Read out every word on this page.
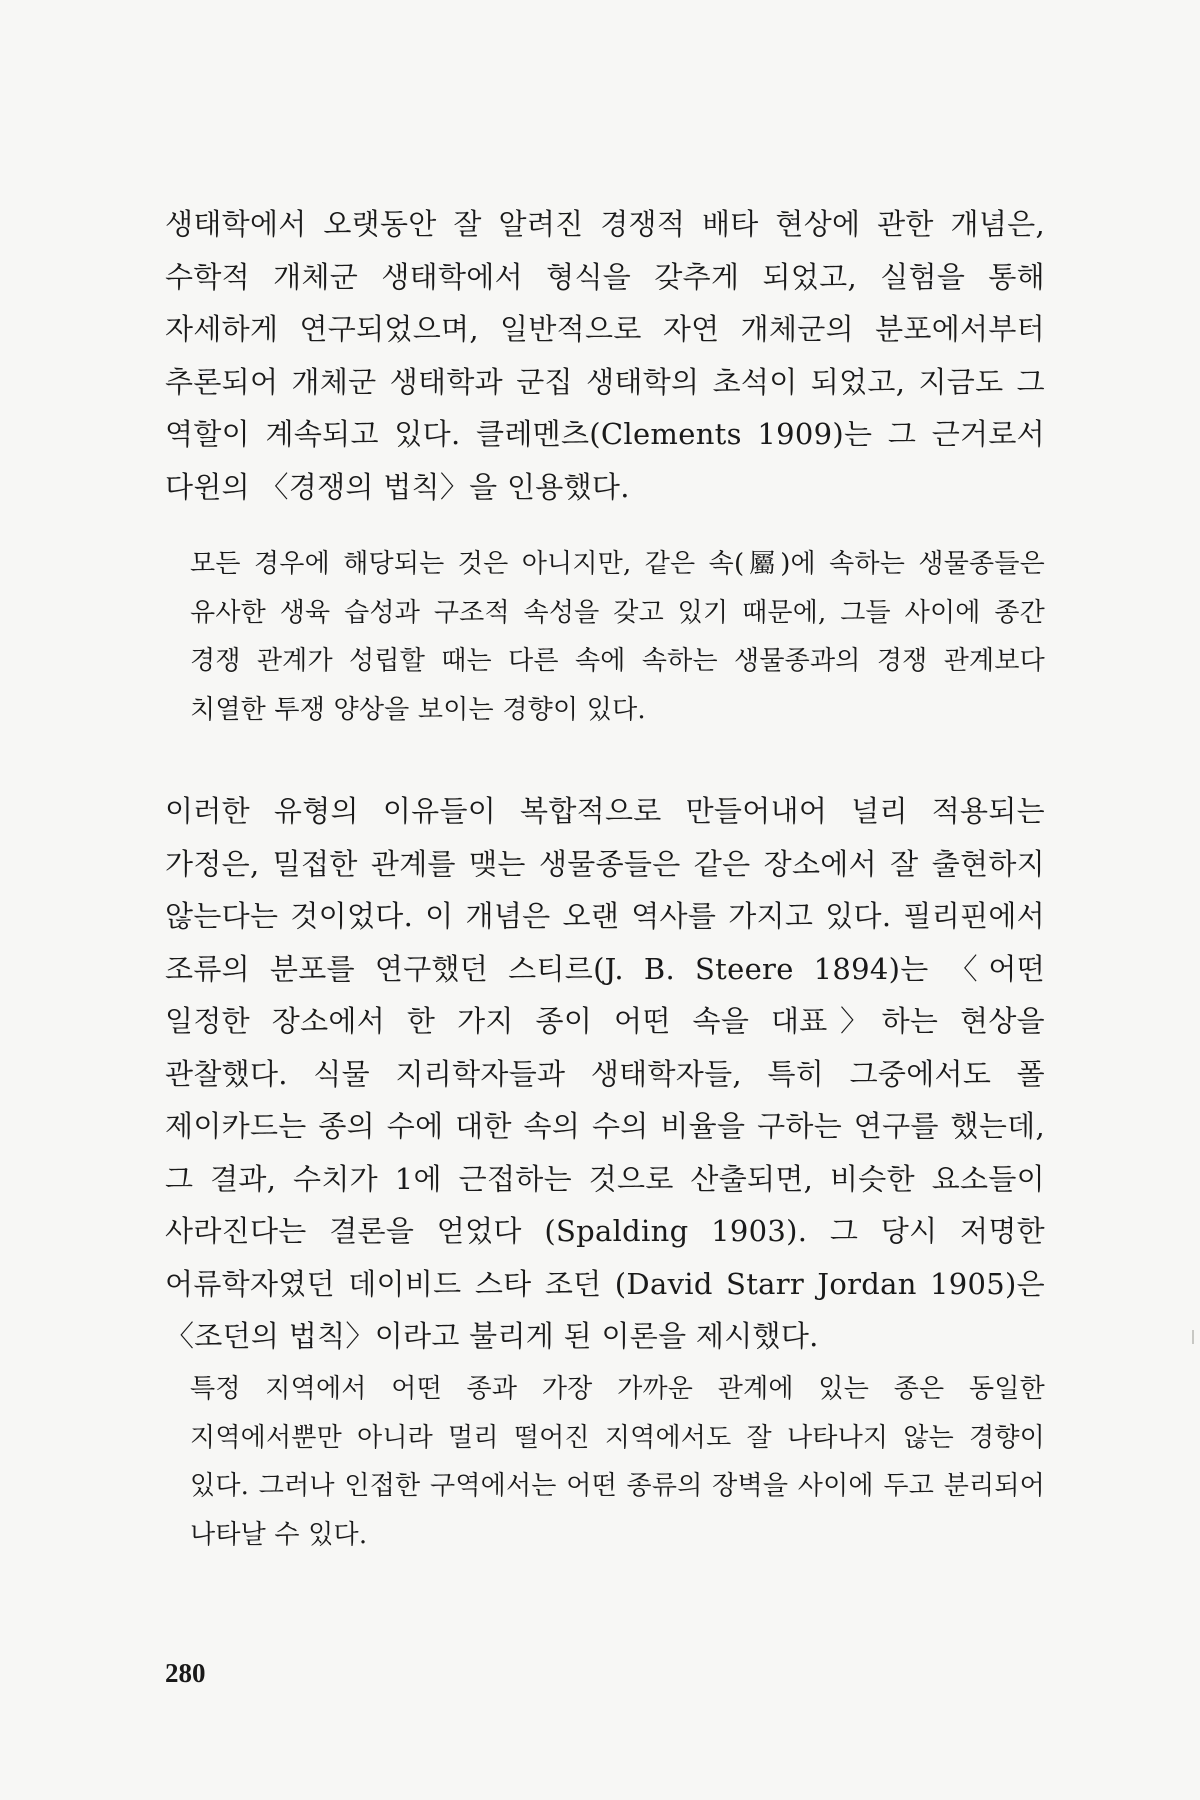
생태학에서 오랫동안 잘 알려진 경쟁적 배타 현상에 관한 개념은, 수학적 개체군 생태학에서 형식을 갖추게 되었고, 실험을 통해 자세하게 연구되었으며, 일반적으로 자연 개체군의 분포에서부터 추론되어 개체군 생태학과 군집 생태학의 초석이 되었고, 지금도 그 역할이 계속되고 있다. 클레멘츠(Clements 1909)는 그 근거로서 다윈의 〈경쟁의 법칙〉을 인용했다.

모든 경우에 해당되는 것은 아니지만, 같은 속(屬)에 속하는 생물종들은 유사한 생육 습성과 구조적 속성을 갖고 있기 때문에, 그들 사이에 종간 경쟁 관계가 성립할 때는 다른 속에 속하는 생물종과의 경쟁 관계보다 치열한 투쟁 양상을 보이는 경향이 있다.

이러한 유형의 이유들이 복합적으로 만들어내어 널리 적용되는 가정은, 밀접한 관계를 맺는 생물종들은 같은 장소에서 잘 출현하지 않는다는 것이었다. 이 개념은 오랜 역사를 가지고 있다. 필리핀에서 조류의 분포를 연구했던 스티르(J. B. Steere 1894)는 〈어떤 일정한 장소에서 한 가지 종이 어떤 속을 대표〉하는 현상을 관찰했다. 식물 지리학자들과 생태학자들, 특히 그중에서도 폴 제이카드는 종의 수에 대한 속의 수의 비율을 구하는 연구를 했는데, 그 결과, 수치가 1에 근접하는 것으로 산출되면, 비슷한 요소들이 사라진다는 결론을 얻었다 (Spalding 1903). 그 당시 저명한 어류학자였던 데이비드 스타 조던 (David Starr Jordan 1905)은 〈조던의 법칙〉이라고 불리게 된 이론을 제시했다.

특정 지역에서 어떤 종과 가장 가까운 관계에 있는 종은 동일한 지역에서뿐만 아니라 멀리 떨어진 지역에서도 잘 나타나지 않는 경향이 있다. 그러나 인접한 구역에서는 어떤 종류의 장벽을 사이에 두고 분리되어 나타날 수 있다.

280
